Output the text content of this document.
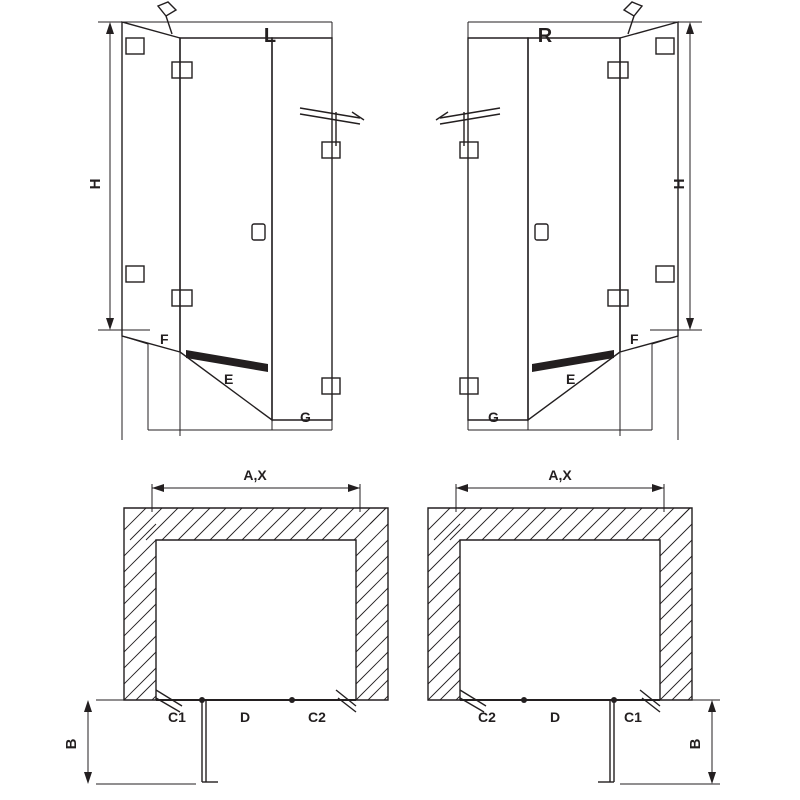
H
L
F
E
G
H
R
F
E
G
A,X
C1	D	C2
B
A,X
C2	D	C1
B
